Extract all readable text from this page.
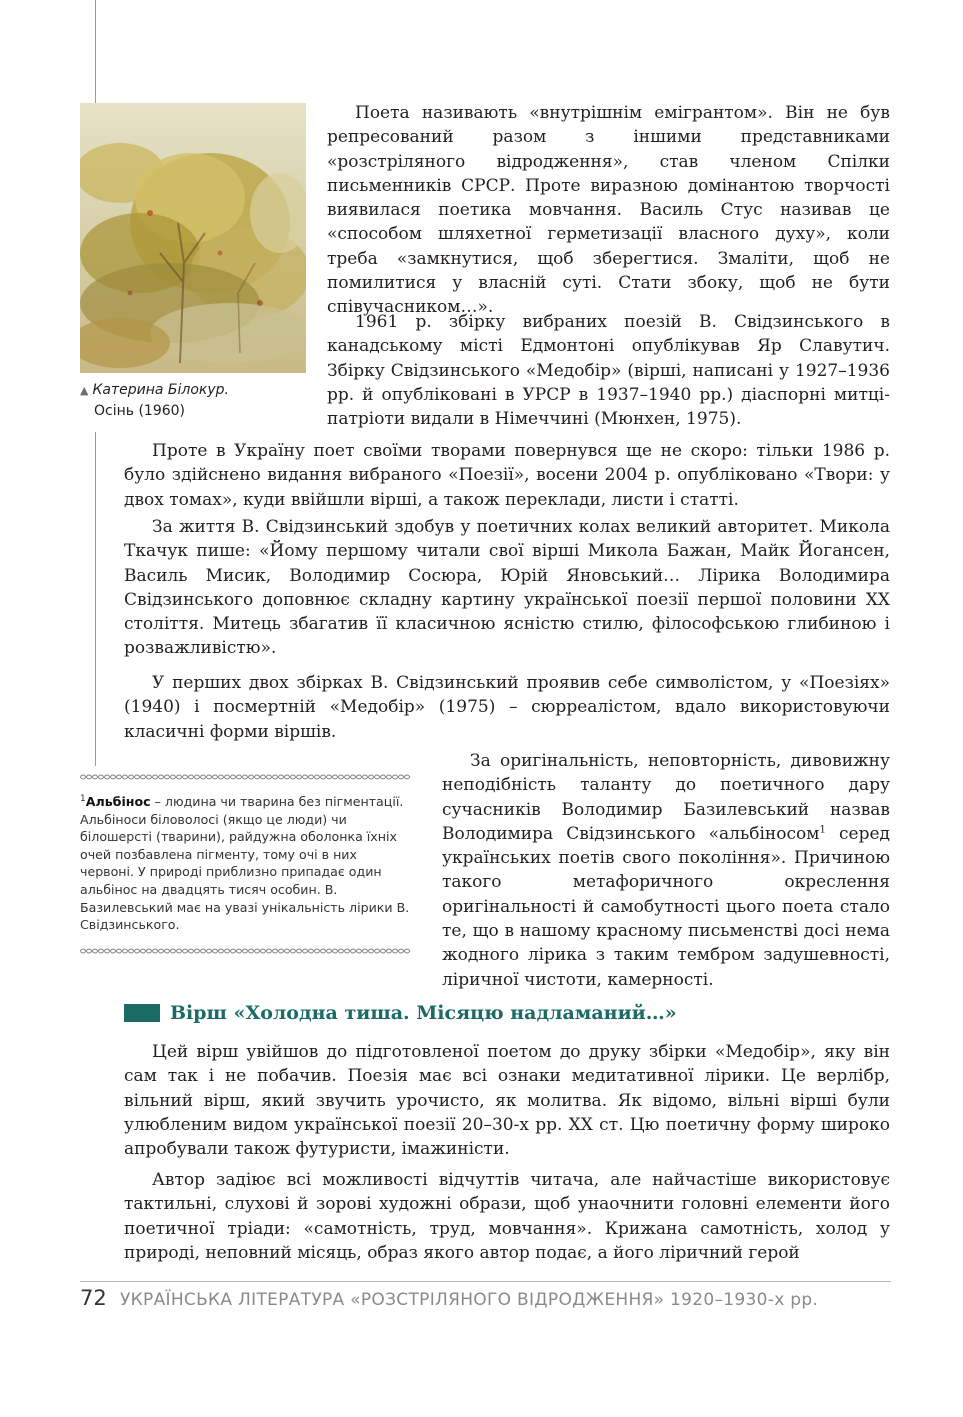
▲ Катерина Білокур.
Осінь (1960)

Поета називають «внутрішнім емігрантом». Він не був репресований разом з іншими представниками «розстріляного відродження», став членом Спілки письменників СРСР. Проте виразною домінантою творчості виявилася поетика мовчання. Василь Стус називав це «способом шляхетної герметизації власного духу», коли треба «замкнутися, щоб зберегтися. Змаліти, щоб не помилитися у власній суті. Стати збоку, щоб не бути співучасником…».

1961 р. збірку вибраних поезій В. Свідзинського в канадському місті Едмонтоні опублікував Яр Славутич. Збірку Свідзинського «Медобір» (вірші, написані у 1927–1936 рр. й опубліковані в УРСР в 1937–1940 рр.) діаспорні митці-патріоти видали в Німеччині (Мюнхен, 1975).

Проте в Україну поет своїми творами повернувся ще не скоро: тільки 1986 р. було здійснено видання вибраного «Поезії», восени 2004 р. опубліковано «Твори: у двох томах», куди ввійшли вірші, а також переклади, листи і статті.

За життя В. Свідзинський здобув у поетичних колах великий авторитет. Микола Ткачук пише: «Йому першому читали свої вірші Микола Бажан, Майк Йогансен, Василь Мисик, Володимир Сосюра, Юрій Яновський… Лірика Володимира Свідзинського доповнює складну картину української поезії першої половини XX століття. Митець збагатив її класичною ясністю стилю, філософською глибиною і розважливістю».

У перших двох збірках В. Свідзинський проявив себе символістом, у «Поезіях» (1940) і посмертній «Медобір» (1975) – сюрреалістом, вдало використовуючи класичні форми віршів.

За оригінальність, неповторність, дивовижну неподібність таланту до поетичного дару сучасників Володимир Базилевський назвав Володимира Свідзинського «альбіносом$^1$ серед українських поетів свого покоління». Причиною такого метафоричного окреслення оригінальності й самобутності цього поета стало те, що в нашому красному письменстві досі нема жодного лірика з таким тембром задушевності, ліричної чистоти, камерності.

$^1$Альбінос – людина чи тварина без пігментації. Альбіноси біловолосі (якщо це люди) чи білошерсті (тварини), райдужна оболонка їхніх очей позбавлена пігменту, тому очі в них червоні. У природі приблизно припадає один альбінос на двадцять тисяч особин. В. Базилевський має на увазі унікальність лірики В. Свідзинського.
Вірш «Холодна тиша. Місяцю надламаний…»

Цей вірш увійшов до підготовленої поетом до друку збірки «Медобір», яку він сам так і не побачив. Поезія має всі ознаки медитативної лірики. Це верлібр, вільний вірш, який звучить урочисто, як молитва. Як відомо, вільні вірші були улюбленим видом української поезії 20–30-х рр. XX ст. Цю поетичну форму широко апробували також футуристи, імажиністи.

Автор задіює всі можливості відчуттів читача, але найчастіше використовує тактильні, слухові й зорові художні образи, щоб унаочнити головні елементи його поетичної тріади: «самотність, труд, мовчання». Крижана самотність, холод у природі, неповний місяць, образ якого автор подає, а його ліричний герой

72 УКРАЇНСЬКА ЛІТЕРАТУРА «РОЗСТРІЛЯНОГО ВІДРОДЖЕННЯ» 1920–1930-х рр.
